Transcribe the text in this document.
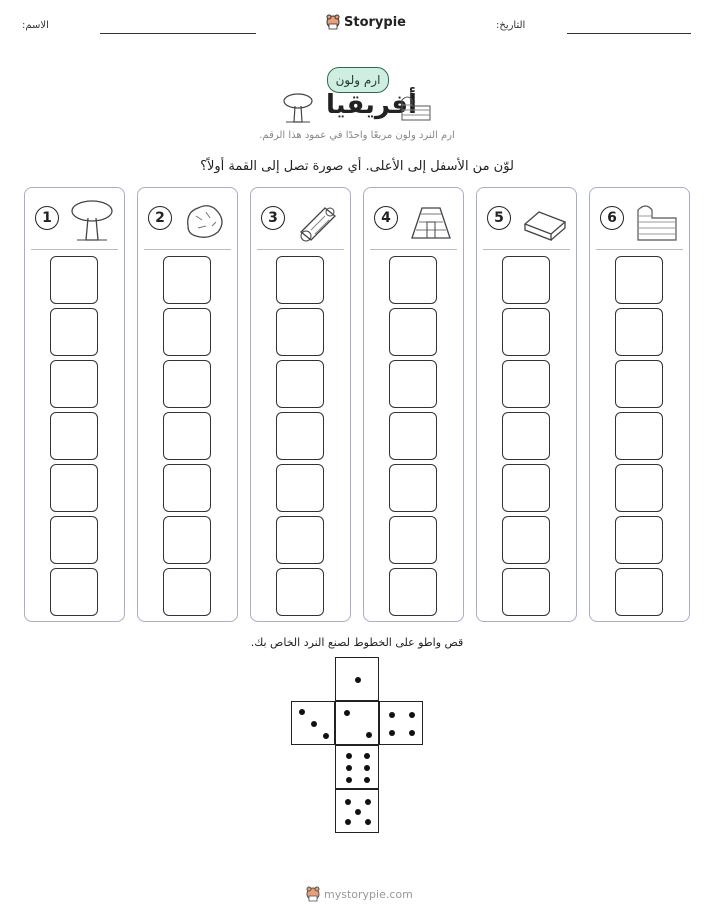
الاسم:	Storypie	التاريخ:
ارم ولون
أفريقيا
ارم النرد ولون مربعًا واحدًا في عمود هذا الرقم.
لوّن من الأسفل إلى الأعلى. أي صورة تصل إلى القمة أولاً؟
1	2	3	4	5	6
قص واطو على الخطوط لصنع النرد الخاص بك.
mystorypie.com
